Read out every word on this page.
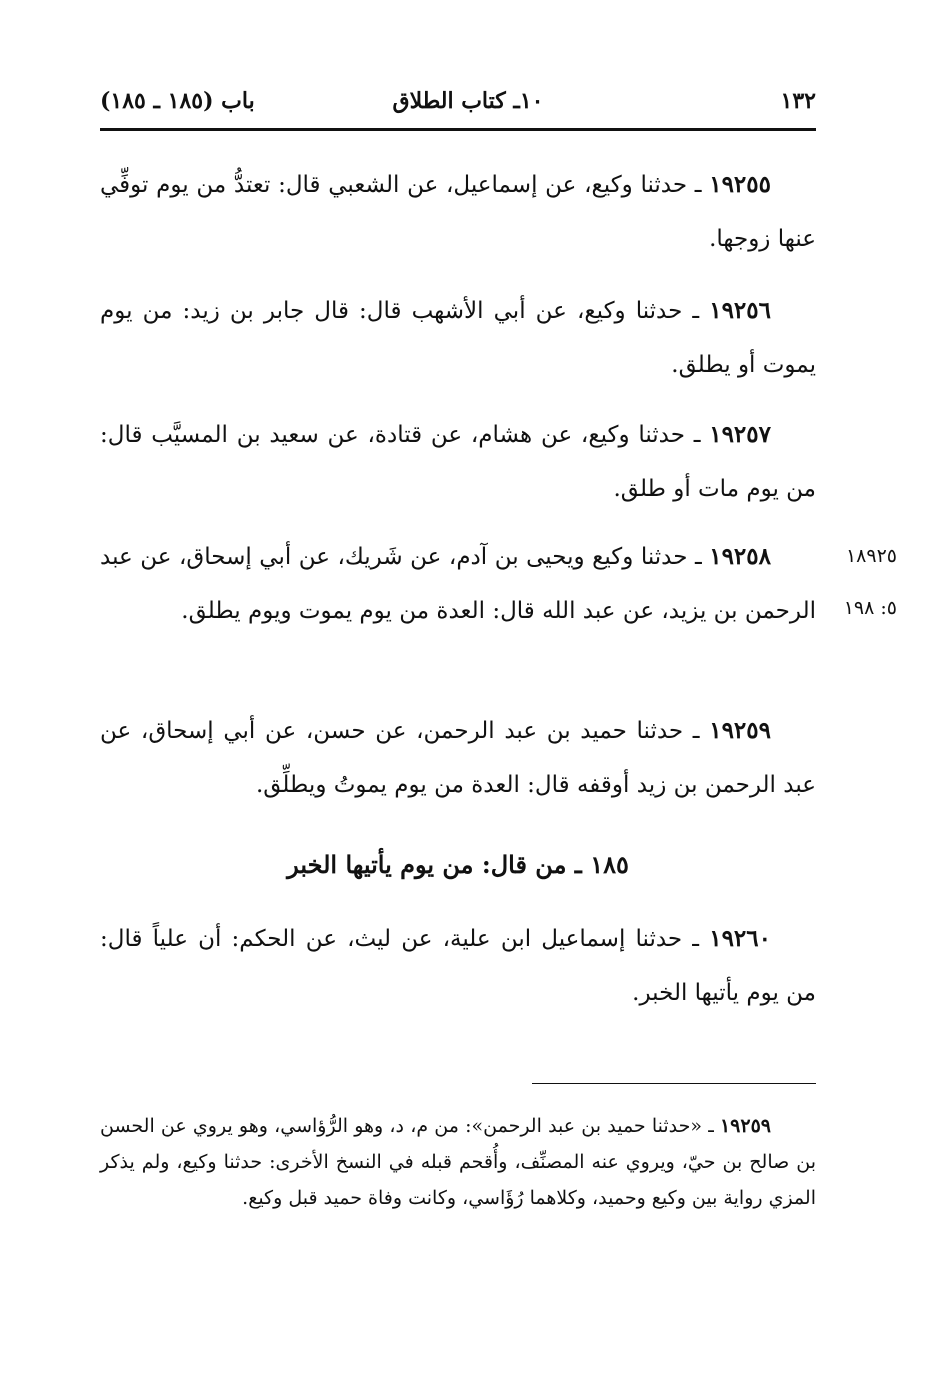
١٣٢
١٠ـ كتاب الطلاق
باب (١٨٥ ـ ١٨٥)

١٩٢٥٥ ـ حدثنا وكيع، عن إسماعيل، عن الشعبي قال: تعتدُّ من يوم توفِّي عنها زوجها.

١٩٢٥٦ ـ حدثنا وكيع، عن أبي الأشهب قال: قال جابر بن زيد: من يوم يموت أو يطلق.

١٩٢٥٧ ـ حدثنا وكيع، عن هشام، عن قتادة، عن سعيد بن المسيَّب قال: من يوم مات أو طلق.

١٨٩٢٥
٥: ١٩٨

١٩٢٥٨ ـ حدثنا وكيع ويحيى بن آدم، عن شَريك، عن أبي إسحاق، عن عبد الرحمن بن يزيد، عن عبد الله قال: العدة من يوم يموت ويوم يطلق.

١٩٢٥٩ ـ حدثنا حميد بن عبد الرحمن، عن حسن، عن أبي إسحاق، عن عبد الرحمن بن زيد أوقفه قال: العدة من يوم يموتُ ويطلِّق.

١٨٥ ـ من قال: من يوم يأتيها الخبر

١٩٢٦٠ ـ حدثنا إسماعيل ابن علية، عن ليث، عن الحكم: أن علياً قال: من يوم يأتيها الخبر.

١٩٢٥٩ ـ «حدثنا حميد بن عبد الرحمن»: من م، د، وهو الرُّؤاسي، وهو يروي عن الحسن بن صالح بن حيّ، ويروي عنه المصنِّف، وأُقحم قبله في النسخ الأخرى: حدثنا وكيع، ولم يذكر المزي رواية بين وكيع وحميد، وكلاهما رُؤَاسي، وكانت وفاة حميد قبل وكيع.
